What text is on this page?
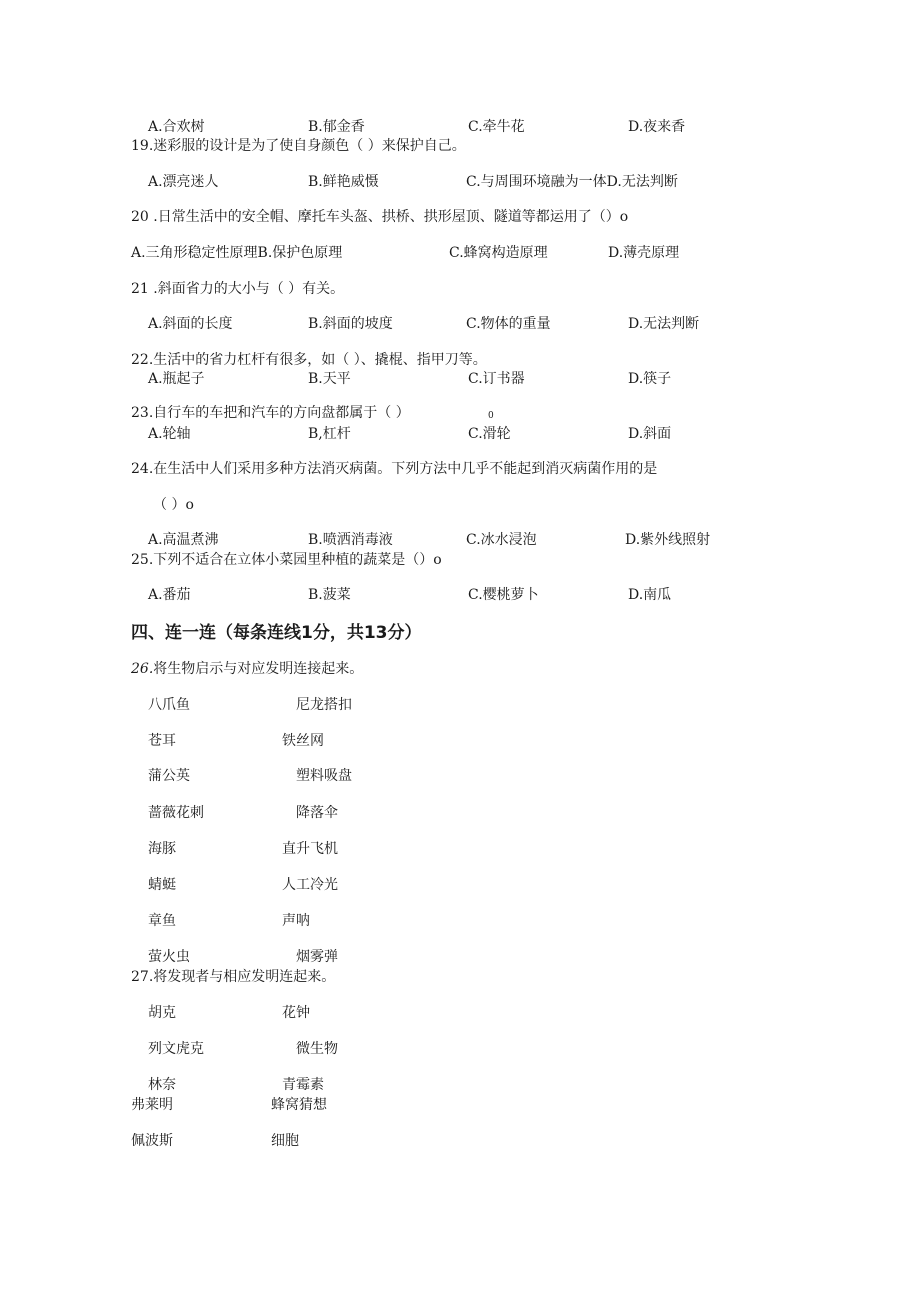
A.合欢树	B.郁金香	C.牵牛花	D.夜来香
19.迷彩服的设计是为了使自身颜色（ ）来保护自己。
A.漂亮迷人	B.鲜艳威慑	C.与周围环境融为一体D.无法判断
20 .日常生活中的安全帽、摩托车头盔、拱桥、拱形屋顶、隧道等都运用了（）o
A.三角形稳定性原理B.保护色原理	C.蜂窝构造原理	D.薄壳原理
21 .斜面省力的大小与（ ）有关。
A.斜面的长度	B.斜面的坡度	C.物体的重量	D.无法判断
22.生活中的省力杠杆有很多，如（ ）、撬棍、指甲刀等。
A.瓶起子	B.天平	C.订书器	D.筷子
23.自行车的车把和汽车的方向盘都属于（ ）	0
A.轮轴	B,杠杆	C.滑轮	D.斜面
24.在生活中人们采用多种方法消灭病菌。下列方法中几乎不能起到消灭病菌作用的是
（ ）o
A.高温煮沸	B.喷洒消毒液	C.冰水浸泡	D.紫外线照射
25.下列不适合在立体小菜园里种植的蔬菜是（）o
A.番茄	B.菠菜	C.樱桃萝卜	D.南瓜
四、连一连（每条连线1分，共13分）
26.将生物启示与对应发明连接起来。
八爪鱼	尼龙搭扣
苍耳	铁丝网
蒲公英	塑料吸盘
蔷薇花刺	降落伞
海豚	直升飞机
蜻蜓	人工冷光
章鱼	声呐
萤火虫	烟雾弹
27.将发现者与相应发明连起来。
胡克	花钟
列文虎克	微生物
林奈	青霉素
弗莱明	蜂窝猜想
佩波斯	细胞
